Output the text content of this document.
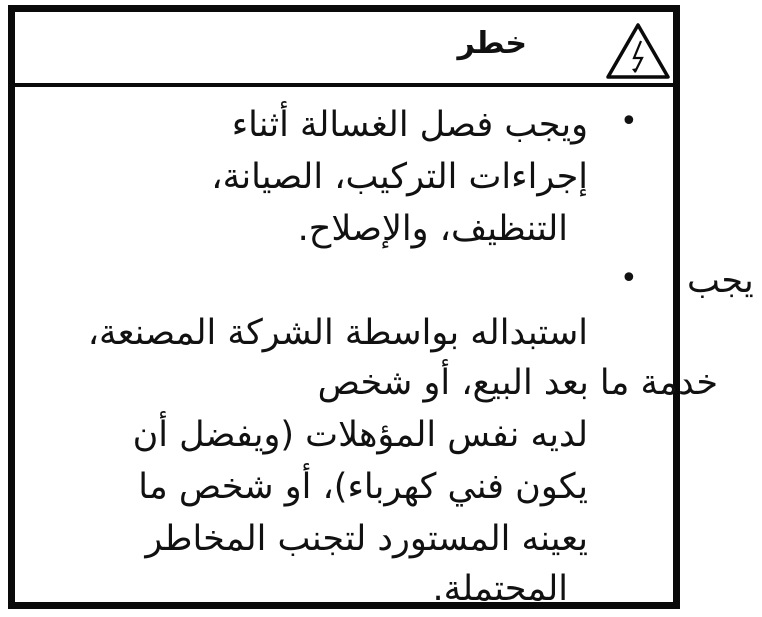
خطر
•
ويجب فصل الغسالة أثناء
إجراءات التركيب، الصيانة،
التنظيف، والإصلاح.
• يجب
استبداله بواسطة الشركة المصنعة،
خدمة ما بعد البيع، أو شخص
لديه نفس المؤهلات (ويفضل أن
يكون فني كهرباء)، أو شخص ما
يعينه المستورد لتجنب المخاطر
المحتملة.
